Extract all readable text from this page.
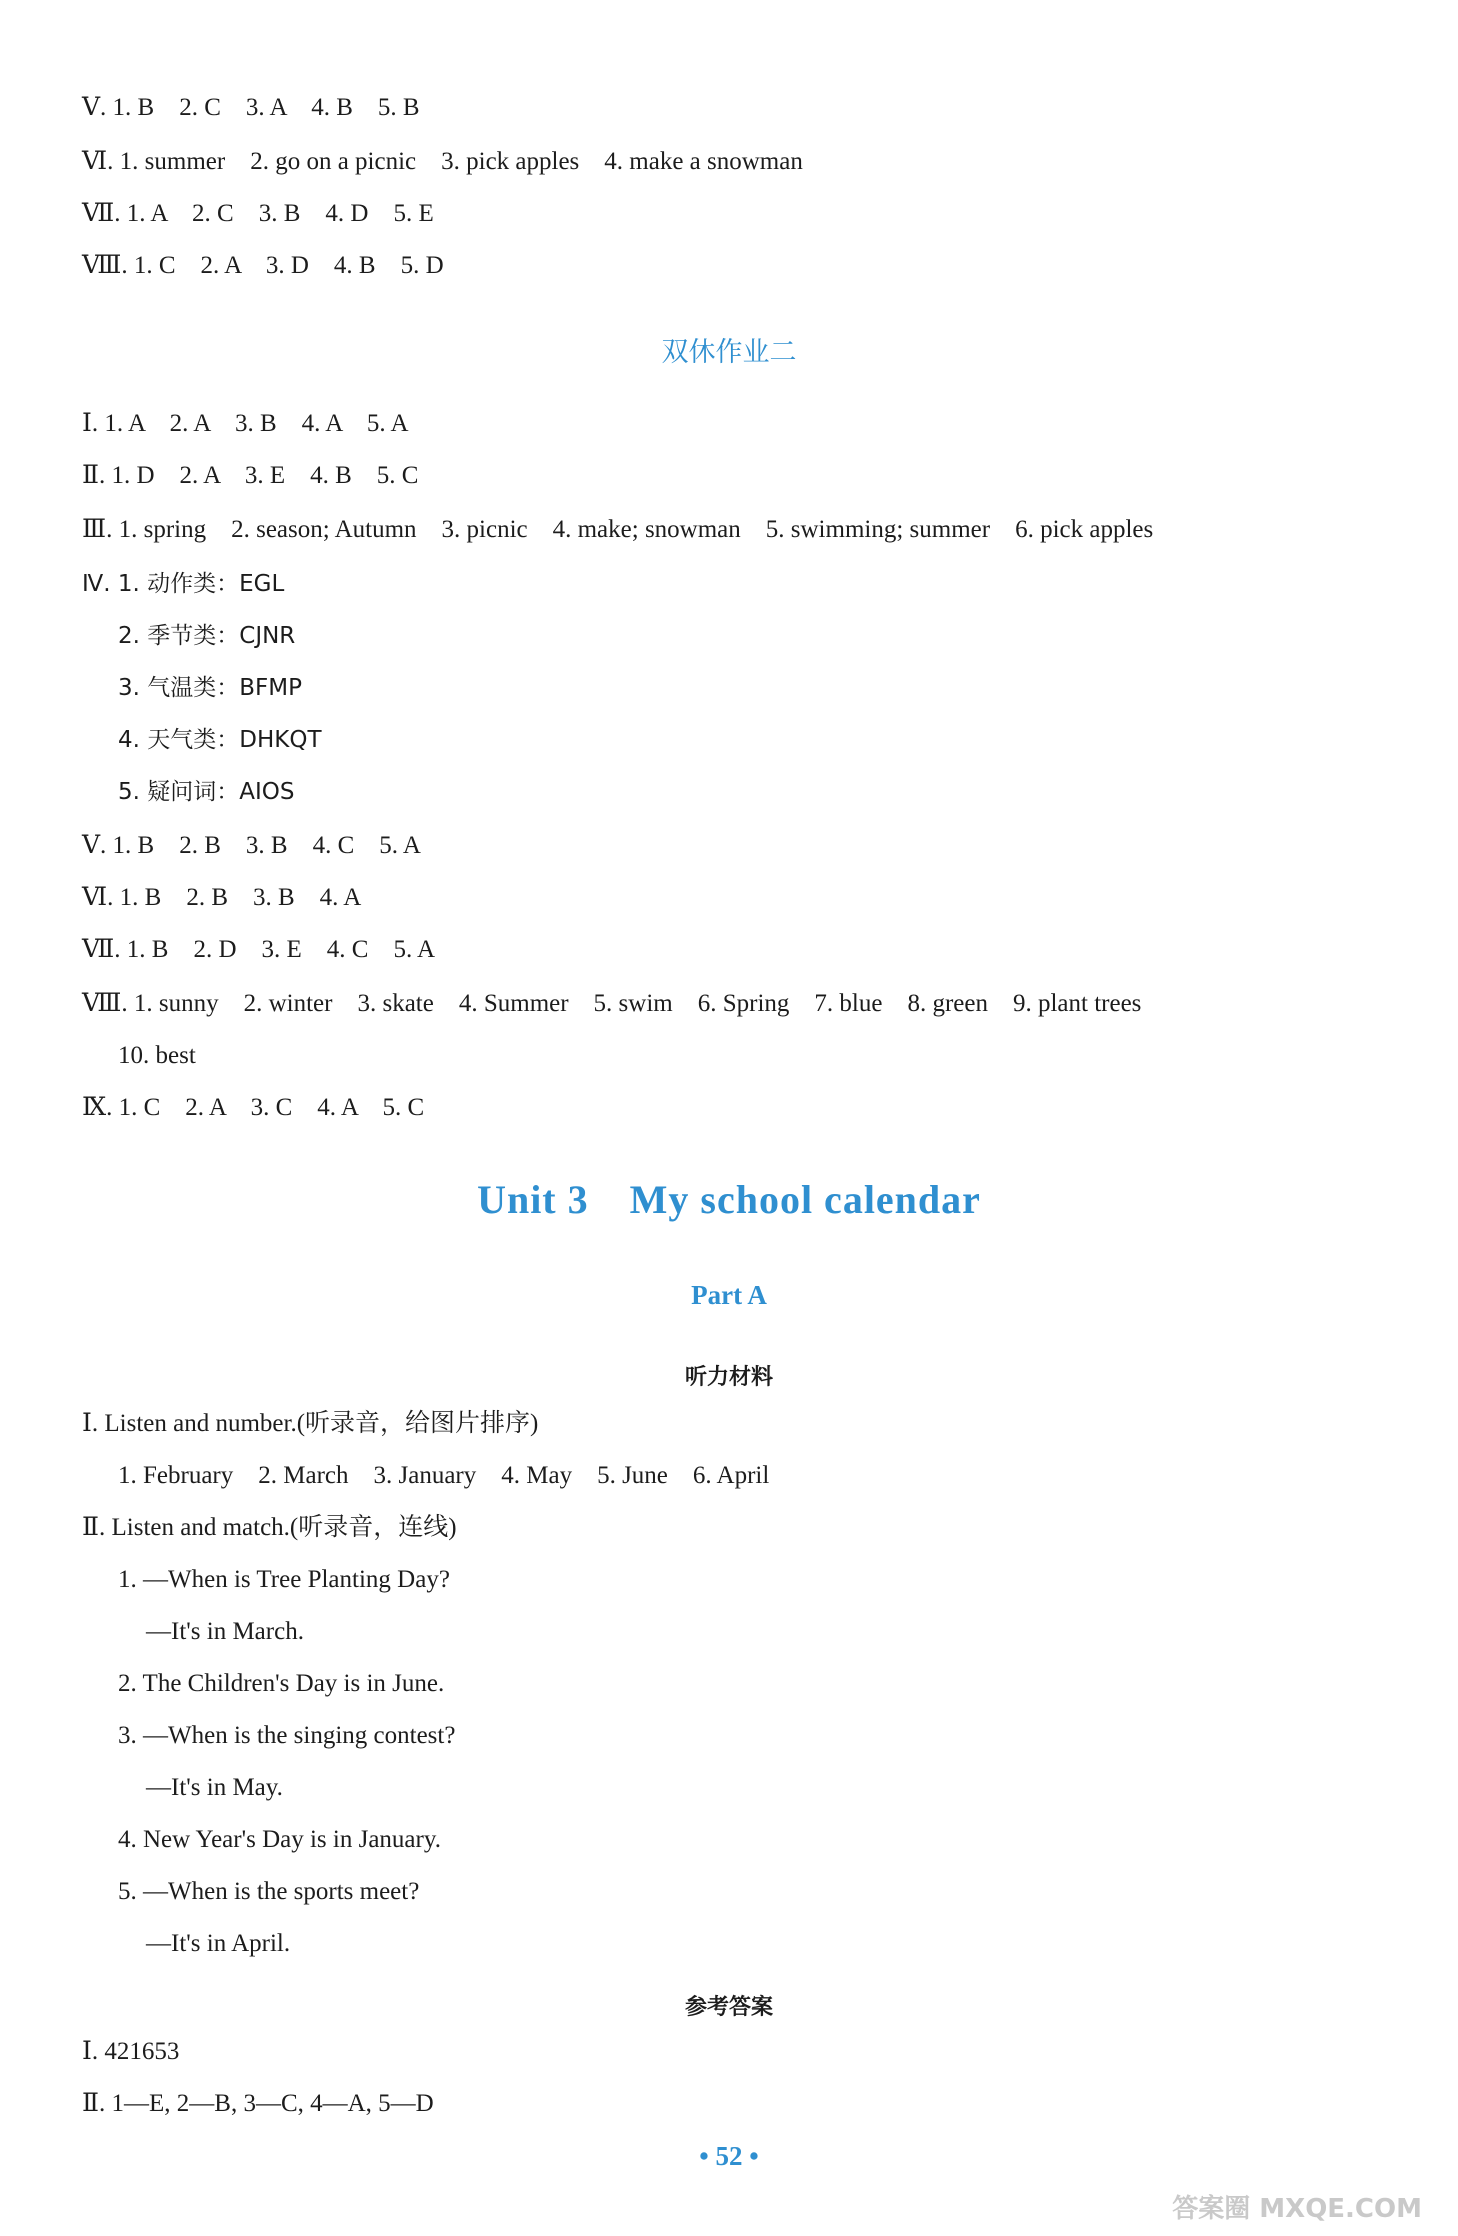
Ⅴ. 1. B　2. C　3. A　4. B　5. B
Ⅵ. 1. summer　2. go on a picnic　3. pick apples　4. make a snowman
Ⅶ. 1. A　2. C　3. B　4. D　5. E
Ⅷ. 1. C　2. A　3. D　4. B　5. D
双休作业二
Ⅰ. 1. A　2. A　3. B　4. A　5. A
Ⅱ. 1. D　2. A　3. E　4. B　5. C
Ⅲ. 1. spring　2. season; Autumn　3. picnic　4. make; snowman　5. swimming; summer　6. pick apples
Ⅳ. 1. 动作类：EGL
2. 季节类：CJNR
3. 气温类：BFMP
4. 天气类：DHKQT
5. 疑问词：AIOS
Ⅴ. 1. B　2. B　3. B　4. C　5. A
Ⅵ. 1. B　2. B　3. B　4. A
Ⅶ. 1. B　2. D　3. E　4. C　5. A
Ⅷ. 1. sunny　2. winter　3. skate　4. Summer　5. swim　6. Spring　7. blue　8. green　9. plant trees
10. best
Ⅸ. 1. C　2. A　3. C　4. A　5. C
Unit 3　My school calendar
Part A
听力材料
Ⅰ. Listen and number.(听录音，给图片排序)
1. February　2. March　3. January　4. May　5. June　6. April
Ⅱ. Listen and match.(听录音，连线)
1. —When is Tree Planting Day?
—It's in March.
2. The Children's Day is in June.
3. —When is the singing contest?
—It's in May.
4. New Year's Day is in January.
5. —When is the sports meet?
—It's in April.
参考答案
Ⅰ. 421653
Ⅱ. 1—E, 2—B, 3—C, 4—A, 5—D
• 52 •
答案圈 MXQE.COM
